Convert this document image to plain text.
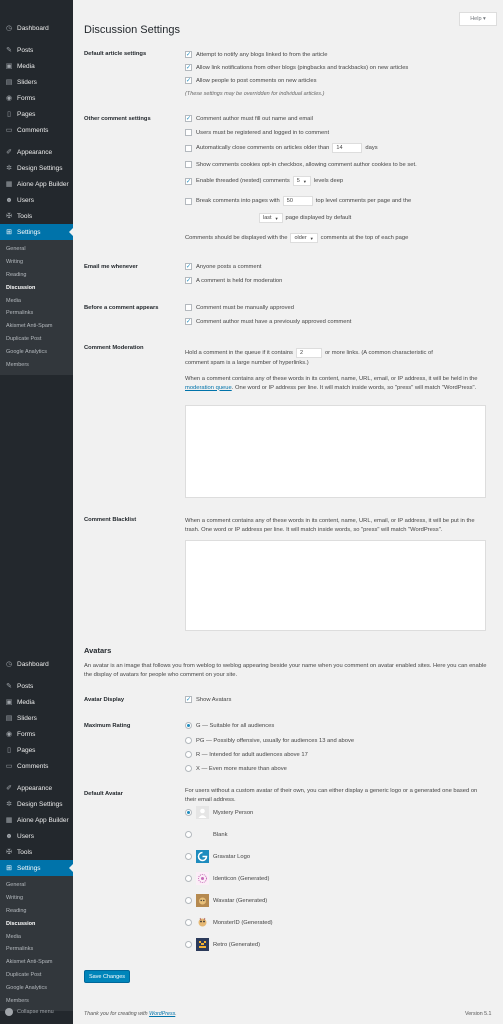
◷ Dashboard
✎ Posts
▣ Media
▤ Sliders
◉ Forms
▯ Pages
▭ Comments
✐ Appearance
✲ Design Settings
▦ Aione App Builder
☻ Users
✠ Tools
⊞ Settings
General
Writing
Reading
Discussion
Media
Permalinks
Akismet Anti-Spam
Duplicate Post
Google Analytics
Members
◷ Dashboard
✎ Posts
▣ Media
▤ Sliders
◉ Forms
▯ Pages
▭ Comments
✐ Appearance
✲ Design Settings
▦ Aione App Builder
☻ Users
✠ Tools
⊞ Settings
General
Writing
Reading
Discussion
Media
Permalinks
Akismet Anti-Spam
Duplicate Post
Google Analytics
Members
Collapse menu
Help ▾
Discussion Settings
Default article settings	✓ Attempt to notify any blogs linked to from the article
✓ Allow link notifications from other blogs (pingbacks and trackbacks) on new articles
✓ Allow people to post comments on new articles
(These settings may be overridden for individual articles.)
Other comment settings	✓ Comment author must fill out name and email
Users must be registered and logged in to comment
Automatically close comments on articles older than	14	days
Show comments cookies opt-in checkbox, allowing comment author cookies to be set.
✓ Enable threaded (nested) comments 5 ▼ levels deep
Break comments into pages with	50	top level comments per page and the
last ▼ page displayed by default
Comments should be displayed with the older ▼ comments at the top of each page
Email me whenever	✓ Anyone posts a comment
✓ A comment is held for moderation
Before a comment appears	Comment must be manually approved
✓ Comment author must have a previously approved comment
Comment Moderation
Hold a comment in the queue if it contains	2	or more links. (A common characteristic of
comment spam is a large number of hyperlinks.)
When a comment contains any of these words in its content, name, URL, email, or IP address, it will be held in the moderation queue. One word or IP address per line. It will match inside words, so "press" will match "WordPress".
Comment Blacklist	When a comment contains any of these words in its content, name, URL, email, or IP address, it will be put in the trash. One word or IP address per line. It will match inside words, so "press" will match "WordPress".
Avatars
An avatar is an image that follows you from weblog to weblog appearing beside your name when you comment on avatar enabled sites. Here you can enable the display of avatars for people who comment on your site.
Avatar Display	✓ Show Avatars
Maximum Rating	G — Suitable for all audiences
PG — Possibly offensive, usually for audiences 13 and above
R — Intended for adult audiences above 17
X — Even more mature than above
Default Avatar	For users without a custom avatar of their own, you can either display a generic logo or a generated one based on their email address.
Mystery Person
Blank
Gravatar Logo
Identicon (Generated)
Wavatar (Generated)
MonsterID (Generated)
Retro (Generated)
Save Changes
Thank you for creating with WordPress.	Version 5.1
